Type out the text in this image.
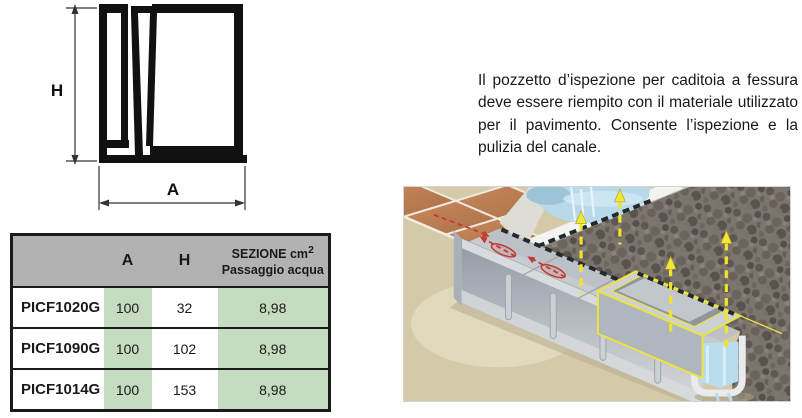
H
A
	A	H	SEZIONE $cm^2$
Passaggio acqua

PICF1020G	100	32	8,98
PICF1090G	100	102	8,98
PICF1014G	100	153	8,98
Il pozzetto d’ispezione per caditoia a fessura deve essere riempito con il materiale utilizzato per il pavimento. Consente l’ispezione e la pulizia del canale.
